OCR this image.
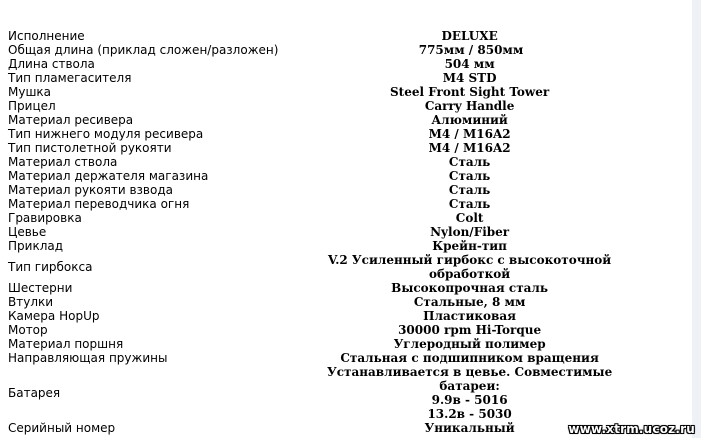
Исполнение	DELUXE
Общая длина (приклад сложен/разложен)	775мм / 850мм
Длина ствола	504 мм
Тип пламегасителя	M4 STD
Мушка	Steel Front Sight Tower
Прицел	Carry Handle
Материал ресивера	Алюминий
Тип нижнего модуля ресивера	M4 / M16A2
Тип пистолетной рукояти	M4 / M16A2
Материал ствола	Сталь
Материал держателя магазина	Сталь
Материал рукояти взвода	Сталь
Материал переводчика огня	Сталь
Гравировка	Colt
Цевье	Nylon/Fiber
Приклад	Крейн-тип
Тип гирбокса	V.2 Усиленный гирбокс с высокоточной
обработкой
Шестерни	Высокопрочная сталь
Втулки	Стальные, 8 мм
Камера HopUp	Пластиковая
Мотор	30000 rpm Hi-Torque
Материал поршня	Углеродный полимер
Направляющая пружины	Стальная с подшипником вращения
Батарея
Устанавливается в цевье. Совместимые
батареи:
9.9в - 5016
13.2в - 5030
Серийный номер	Уникальный	www.xtrm.ucoz.ru
